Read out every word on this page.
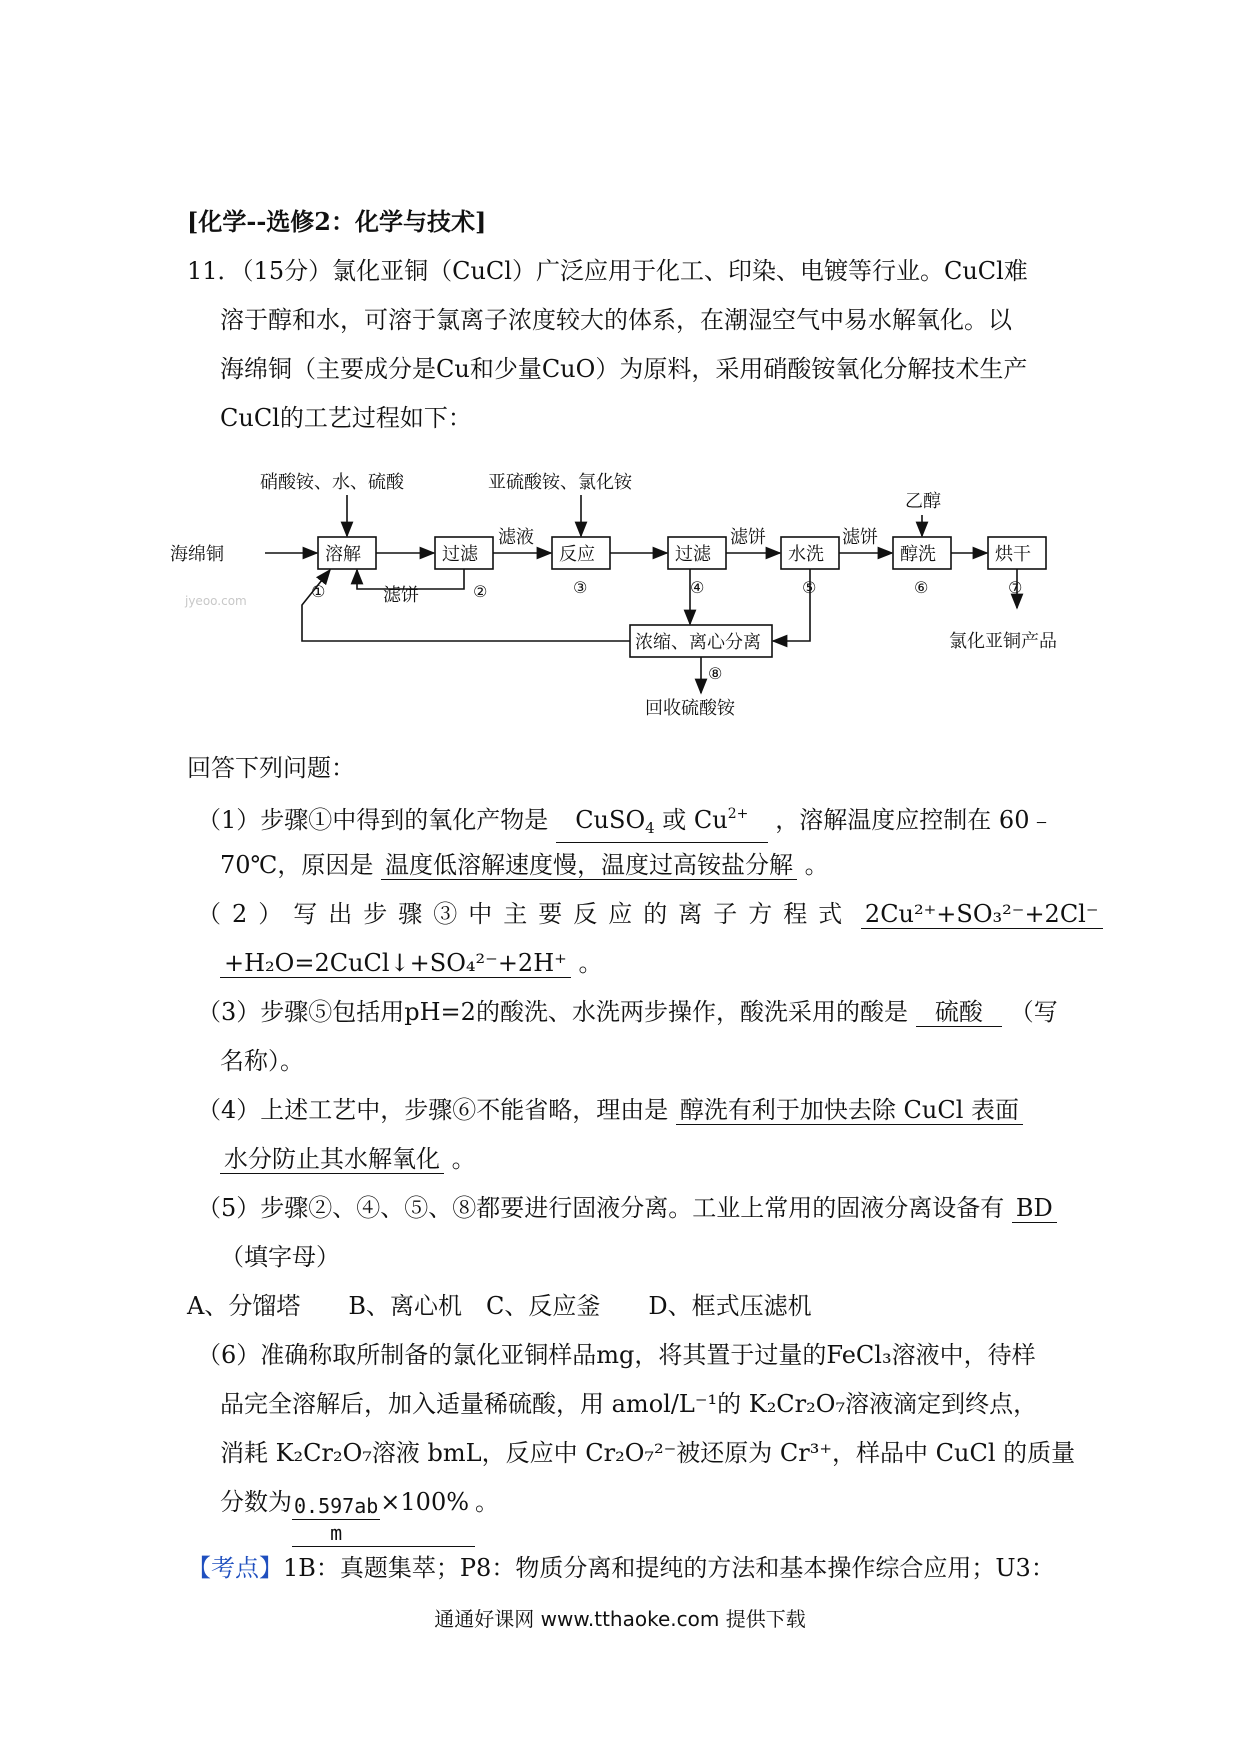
[化学--选修2：化学与技术]
11．（15分）氯化亚铜（CuCl）广泛应用于化工、印染、电镀等行业。CuCl难
溶于醇和水，可溶于氯离子浓度较大的体系，在潮湿空气中易水解氧化。以
海绵铜（主要成分是Cu和少量CuO）为原料，采用硝酸铵氧化分解技术生产
CuCl的工艺过程如下：
海绵铜
硝酸铵、水、硫酸	亚硫酸铵、氯化铵
乙醇
溶解	过滤	反应	过滤	水洗	醇洗	烘干
滤液	滤饼	滤饼
滤饼
浓缩、离心分离	氯化亚铜产品
回收硫酸铵
①	②	③	④	⑤	⑥	⑦
⑧
jyeoo.com
回答下列问题：
（1）步骤①中得到的氧化产物是 CuSO$_4$ 或 $Cu^{2+}$ ，溶解温度应控制在 60﹣
70℃，原因是 温度低溶解速度慢，温度过高铵盐分解 。
（2）写出步骤③中主要反应的离子方程式 2Cu²⁺+SO₃²⁻+2Cl⁻
+H₂O=2CuCl↓+SO₄²⁻+2H⁺ 。
（3）步骤⑤包括用pH=2的酸洗、水洗两步操作，酸洗采用的酸是 硫酸 （写
名称）。
（4）上述工艺中，步骤⑥不能省略，理由是 醇洗有利于加快去除 CuCl 表面
水分防止其水解氧化 。
（5）步骤②、④、⑤、⑧都要进行固液分离。工业上常用的固液分离设备有 BD
（填字母）
A、分馏塔　　B、离心机　C、反应釜　　D、框式压滤机
（6）准确称取所制备的氯化亚铜样品mg，将其置于过量的FeCl₃溶液中，待样
品完全溶解后，加入适量稀硫酸，用 amol/L⁻¹的 K₂Cr₂O₇溶液滴定到终点，
消耗 K₂Cr₂O₇溶液 bmL，反应中 Cr₂O₇²⁻被还原为 Cr³⁺，样品中 CuCl 的质量
分数为 $\frac{0.597ab}{m} \times 100\%$ 。
【考点】1B：真题集萃；P8：物质分离和提纯的方法和基本操作综合应用；U3：
通通好课网 www.tthaoke.com 提供下载
